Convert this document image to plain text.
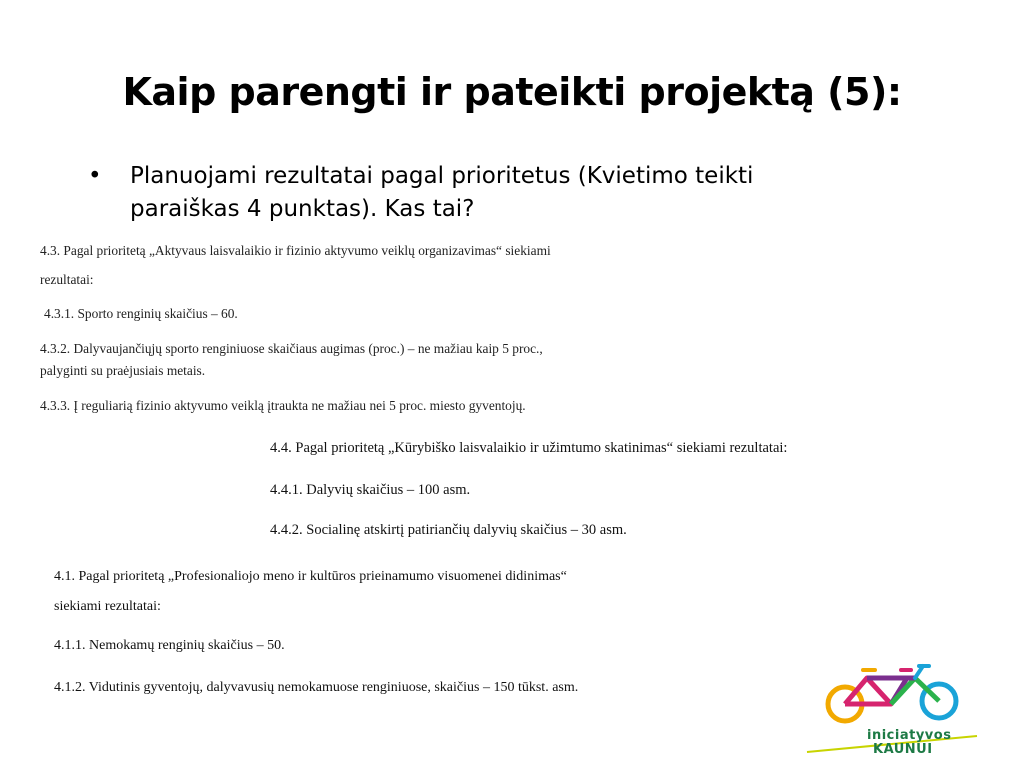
Kaip parengti ir pateikti projektą (5):
• Planuojami rezultatai pagal prioritetus (Kvietimo teikti
paraiškas 4 punktas). Kas tai?

4.3. Pagal prioritetą „Aktyvaus laisvalaikio ir fizinio aktyvumo veiklų organizavimas“ siekiami

rezultatai:

4.3.1. Sporto renginių skaičius – 60.

4.3.2. Dalyvaujančiųjų sporto renginiuose skaičiaus augimas (proc.) – ne mažiau kaip 5 proc.,

palyginti su praėjusiais metais.

4.3.3. Į reguliarią fizinio aktyvumo veiklą įtraukta ne mažiau nei 5 proc. miesto gyventojų.

4.4. Pagal prioritetą „Kūrybiško laisvalaikio ir užimtumo skatinimas“ siekiami rezultatai:

4.4.1. Dalyvių skaičius – 100 asm.

4.4.2. Socialinę atskirtį patiriančių dalyvių skaičius – 30 asm.

4.1. Pagal prioritetą „Profesionaliojo meno ir kultūros prieinamumo visuomenei didinimas“

siekiami rezultatai:

4.1.1. Nemokamų renginių skaičius – 50.

4.1.2. Vidutinis gyventojų, dalyvavusių nemokamuose renginiuose, skaičius – 150 tūkst. asm.

iniciatyvos
KAUNUI
